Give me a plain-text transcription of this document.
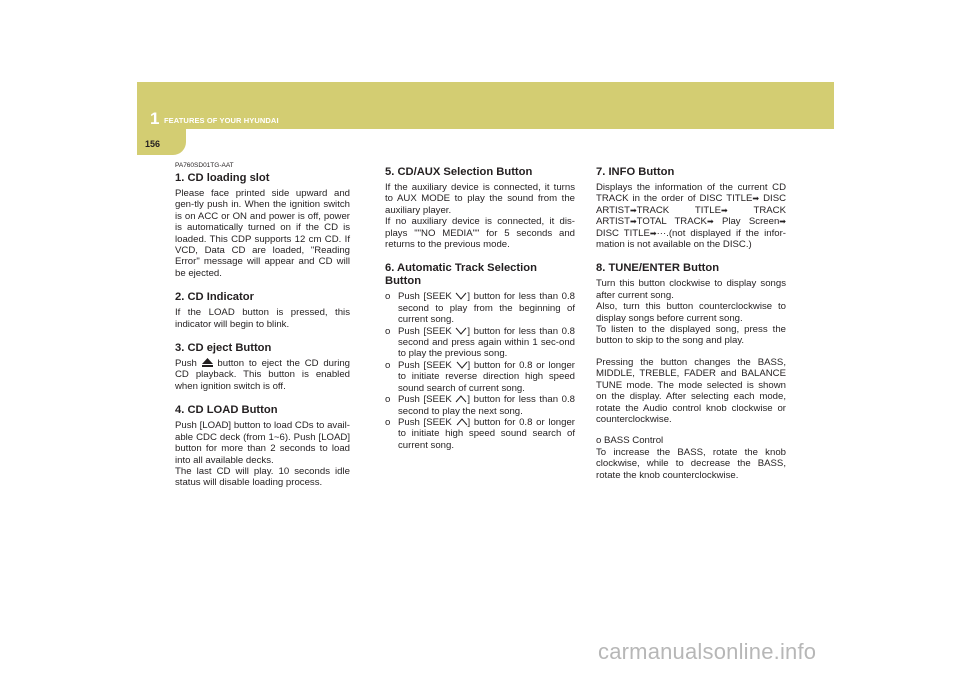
1 FEATURES OF YOUR HYUNDAI
156

PA760SD01TG-AAT

1. CD loading slot

Please face printed side upward and gen-tly push in. When the ignition switch is on ACC or ON and power is off, power is automatically turned on if the CD is loaded. This CDP supports 12 cm CD. If VCD, Data CD are loaded, "Reading Error" message will appear and CD will be ejected.

2. CD Indicator

If the LOAD button is pressed, this indicator will begin to blink.

3. CD eject Button

Push button to eject the CD during CD playback. This button is enabled when ignition switch is off.

4. CD LOAD Button

Push [LOAD] button to load CDs to avail-able CDC deck (from 1~6). Push [LOAD] button for more than 2 seconds to load into all available decks.

The last CD will play. 10 seconds idle status will disable loading process.

5. CD/AUX Selection Button

If the auxiliary device is connected, it turns to AUX MODE to play the sound from the auxiliary player.

If no auxiliary device is connected, it dis-plays ""NO MEDIA"" for 5 seconds and returns to the previous mode.

6. Automatic Track Selection Button
o Push [SEEK ] button for less than 0.8 second to play from the beginning of current song.
o Push [SEEK ] button for less than 0.8 second and press again within 1 sec-ond to play the previous song.
o Push [SEEK ] button for 0.8 or longer to initiate reverse direction high speed sound search of current song.
o Push [SEEK ] button for less than 0.8 second to play the next song.
o Push [SEEK ] button for 0.8 or longer to initiate high speed sound search of current song.
7. INFO Button

Displays the information of the current CD TRACK in the order of DISC TITLE➡ DISC ARTIST➡TRACK TITLE➡	TRACK ARTIST➡TOTAL TRACK➡ Play Screen➡ DISC TITLE➡···.(not displayed if the infor-mation is not available on the DISC.)

8. TUNE/ENTER Button

Turn this button clockwise to display songs after current song.

Also, turn this button counterclockwise to display songs before current song.

To listen to the displayed song, press the button to skip to the song and play.

Pressing the button changes the BASS, MIDDLE, TREBLE, FADER and BALANCE TUNE mode. The mode selected is shown on the display. After selecting each mode, rotate the Audio control knob clockwise or counterclockwise.

o BASS Control

To increase the BASS, rotate the knob clockwise, while to decrease the BASS, rotate the knob counterclockwise.

carmanualsonline.info
